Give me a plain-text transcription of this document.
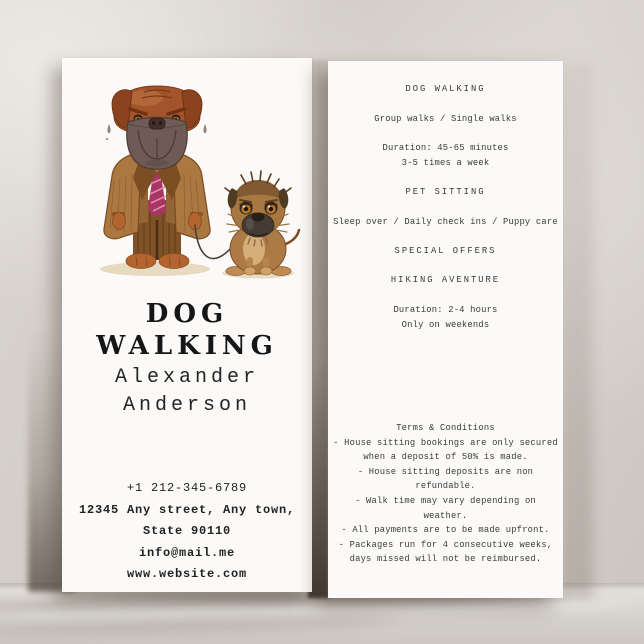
DOG
WALKING
Alexander
Anderson
+1 212-345-6789
12345 Any street, Any town,
State 90110
info@mail.me
www.website.com
DOG WALKING
Group walks / Single walks
Duration: 45-65 minutes
3-5 times a week
PET SITTING
Sleep over / Daily check ins / Puppy care
SPECIAL OFFERS
HIKING AVENTURE
Duration: 2-4 hours
Only on weekends
Terms & Conditions
- House sitting bookings are only secured
when a deposit of 50% is made.
- House sitting deposits are non
refundable.
- Walk time may vary depending on
weather.
- All payments are to be made upfront.
- Packages run for 4 consecutive weeks,
days missed will not be reimbursed.
